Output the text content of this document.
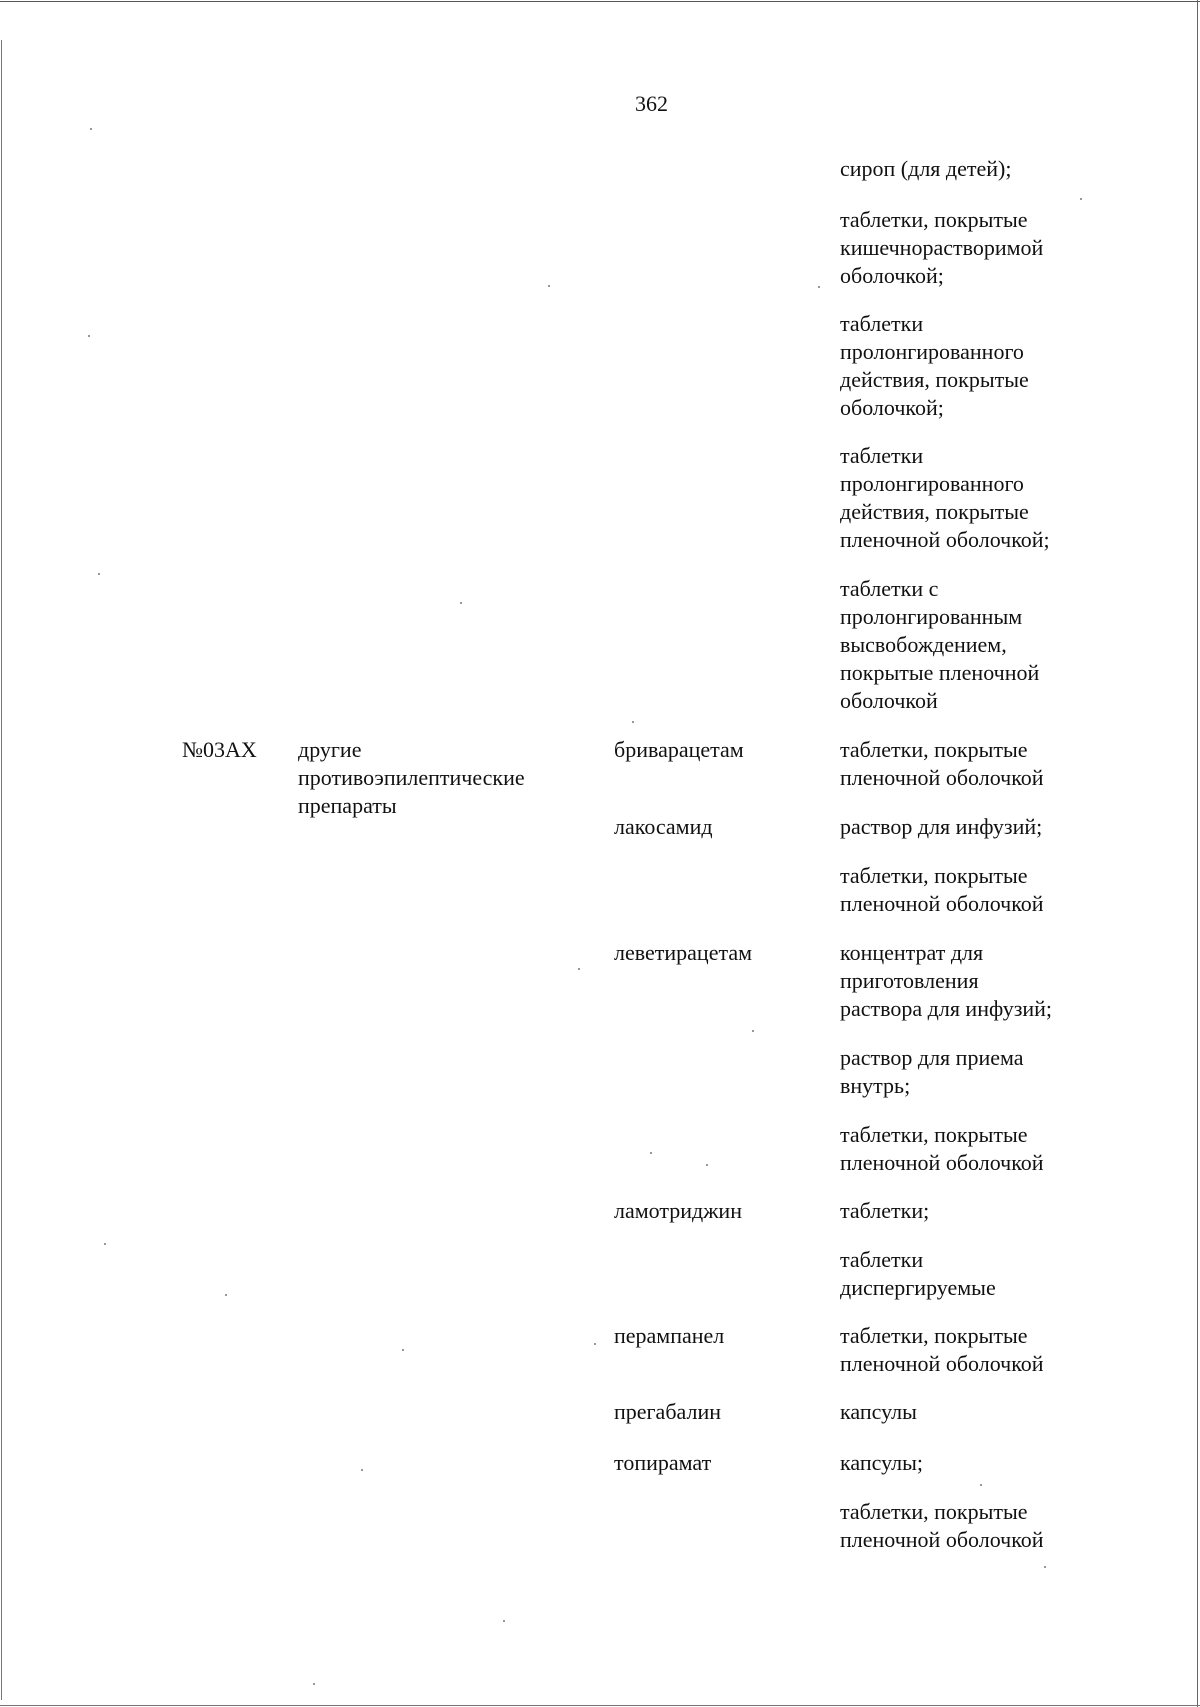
362
сироп (для детей);
таблетки, покрытые
кишечнорастворимой
оболочкой;
таблетки
пролонгированного
действия, покрытые
оболочкой;
таблетки
пролонгированного
действия, покрытые
пленочной оболочкой;
таблетки с
пролонгированным
высвобождением,
покрытые пленочной
оболочкой
№03АХ другие
противоэпилептические
препараты
бриварацетам	таблетки, покрытые
пленочной оболочкой
лакосамид	раствор для инфузий;
таблетки, покрытые
пленочной оболочкой
леветирацетам	концентрат для
приготовления
раствора для инфузий;
раствор для приема
внутрь;
таблетки, покрытые
пленочной оболочкой
ламотриджин	таблетки;
таблетки
диспергируемые
перампанел	таблетки, покрытые
пленочной оболочкой
прегабалин	капсулы
топирамат	капсулы;
таблетки, покрытые
пленочной оболочкой
